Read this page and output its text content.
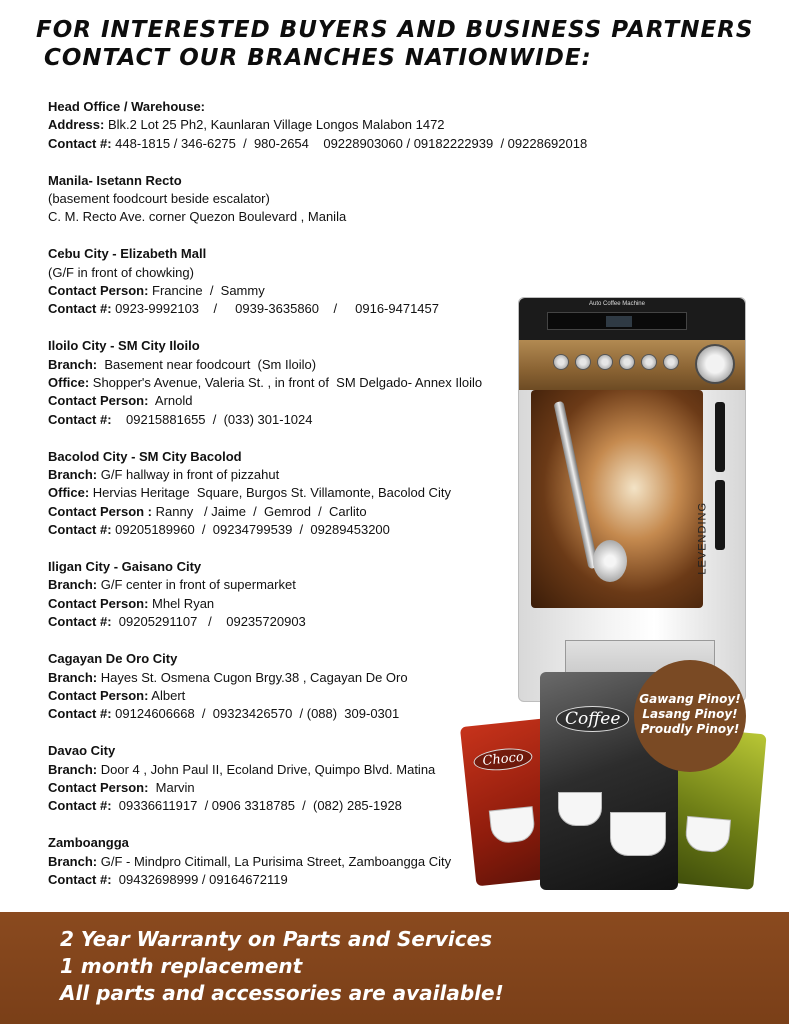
FOR INTERESTED BUYERS AND BUSINESS PARTNERS
CONTACT OUR BRANCHES NATIONWIDE:
Head Office / Warehouse:
Address: Blk.2 Lot 25 Ph2, Kaunlaran Village Longos Malabon 1472
Contact #: 448-1815 / 346-6275  /  980-2654    09228903060 / 09182222939  / 09228692018
Manila- Isetann Recto
(basement foodcourt beside escalator)
C. M. Recto Ave. corner Quezon Boulevard , Manila
Cebu City - Elizabeth Mall
(G/F in front of chowking)
Contact Person: Francine  /  Sammy
Contact #: 0923-9992103    /     0939-3635860    /     0916-9471457
Iloilo City - SM City Iloilo
Branch:  Basement near foodcourt  (Sm Iloilo)
Office: Shopper's Avenue, Valeria St. , in front of  SM Delgado- Annex Iloilo
Contact Person:  Arnold
Contact #:    09215881655  /  (033) 301-1024
Bacolod City - SM City Bacolod
Branch: G/F hallway in front of pizzahut
Office: Hervias Heritage  Square, Burgos St. Villamonte, Bacolod City
Contact Person : Ranny   / Jaime  /  Gemrod  /  Carlito
Contact #: 09205189960  /  09234799539  /  09289453200
Iligan City - Gaisano City
Branch: G/F center in front of supermarket
Contact Person: Mhel Ryan
Contact #:  09205291107   /    09235720903
Cagayan De Oro City
Branch: Hayes St. Osmena Cugon Brgy.38 , Cagayan De Oro
Contact Person: Albert
Contact #: 09124606668  /  09323426570  / (088)  309-0301
Davao City
Branch: Door 4 , John Paul II, Ecoland Drive, Quimpo Blvd. Matina
Contact Person:  Marvin
Contact #:  09336611917  / 0906 3318785  /  (082) 285-1928
Zamboangga
Branch: G/F - Mindpro Citimall, La Purisima Street, Zamboangga City
Contact #:  09432698999 / 09164672119
Auto Coffee Machine
LEVENDING
Choco
Coffee
Gawang Pinoy!
Lasang Pinoy!
Proudly Pinoy!
2 Year Warranty on Parts and Services
1 month replacement
All parts and accessories are available!
